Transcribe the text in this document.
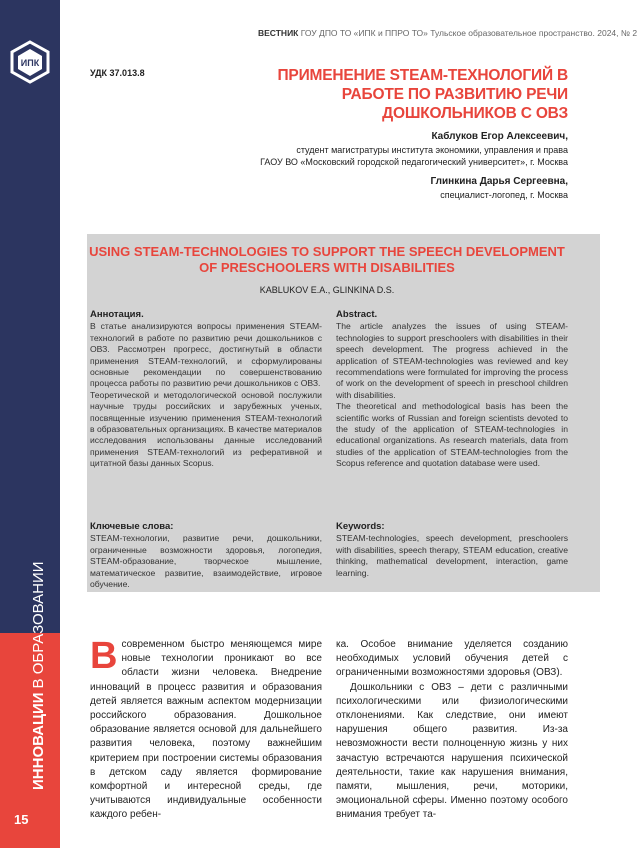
ИПК
ИННОВАЦИИВ ОБРАЗОВАНИИ
15
ВЕСТНИК ГОУ ДПО ТО «ИПК и ППРО ТО» Тульское образовательное пространство. 2024, № 2
УДК 37.013.8	ПРИМЕНЕНИЕ STEAM-ТЕХНОЛОГИЙ В РАБОТЕ ПО РАЗВИТИЮ РЕЧИ ДОШКОЛЬНИКОВ С ОВЗ
Каблуков Егор Алексеевич,
студент магистратуры института экономики, управления и права
ГАОУ ВО «Московский городской педагогический университет», г. Москва
Глинкина Дарья Сергеевна,
специалист-логопед, г. Москва
USING STEAM-TECHNOLOGIES TO SUPPORT THE SPEECH DEVELOPMENT OF PRESCHOOLERS WITH DISABILITIES
KABLUKOV E.A., GLINKINA D.S.
Аннотация.

В статье анализируются вопросы применения STEAM-технологий в работе по развитию речи дошкольников с ОВЗ. Рассмотрен прогресс, достигнутый в области применения STEAM-технологий, и сформулированы основные рекомендации по совершенствованию процесса работы по развитию речи дошкольников с ОВЗ.

Теоретической и методологической основой послужили научные труды российских и зарубежных ученых, посвященные изучению применения STEAM-технологий в образовательных организациях. В качестве материалов исследования использованы данные исследований применения STEAM-технологий из реферативной и цитатной базы данных Scopus.

Abstract.

The article analyzes the issues of using STEAM-technologies to support preschoolers with disabilities in their speech development. The progress achieved in the application of STEAM-technologies was reviewed and key recommendations were formulated for improving the process of work on the development of speech in preschool children with disabilities.

The theoretical and methodological basis has been the scientific works of Russian and foreign scientists devoted to the study of the application of STEAM-technologies in educational organizations. As research materials, data from studies of the application of STEAM-technologies from the Scopus reference and quotation database were used.

Ключевые слова:

STEAM-технологии, развитие речи, дошкольники, ограниченные возможности здоровья, логопедия, STEAM-образование, творческое мышление, математическое развитие, взаимодействие, игровое обучение.

Keywords:

STEAM-technologies, speech development, preschoolers with disabilities, speech therapy, STEAM education, creative thinking, mathematical development, interaction, game learning.

В современном быстро меняющемся мире новые технологии проникают во все области жизни человека. Внедрение инноваций в процесс развития и образования детей является важным аспектом модернизации российского образования. Дошкольное образование является основой для дальнейшего развития человека, поэтому важнейшим критерием при построении системы образования в детском саду является формирование комфортной и интересной среды, где учитываются индивидуальные особенности каждого ребен-

ка. Особое внимание уделяется созданию необходимых условий обучения детей с ограниченными возможностями здоровья (ОВЗ).

Дошкольники с ОВЗ – дети с различными психологическими или физиологическими отклонениями. Как следствие, они имеют нарушения общего развития. Из-за невозможности вести полноценную жизнь у них зачастую встречаются нарушения психической деятельности, такие как нарушения внимания, памяти, мышления, речи, моторики, эмоциональной сферы. Именно поэтому особого внимания требует та-
